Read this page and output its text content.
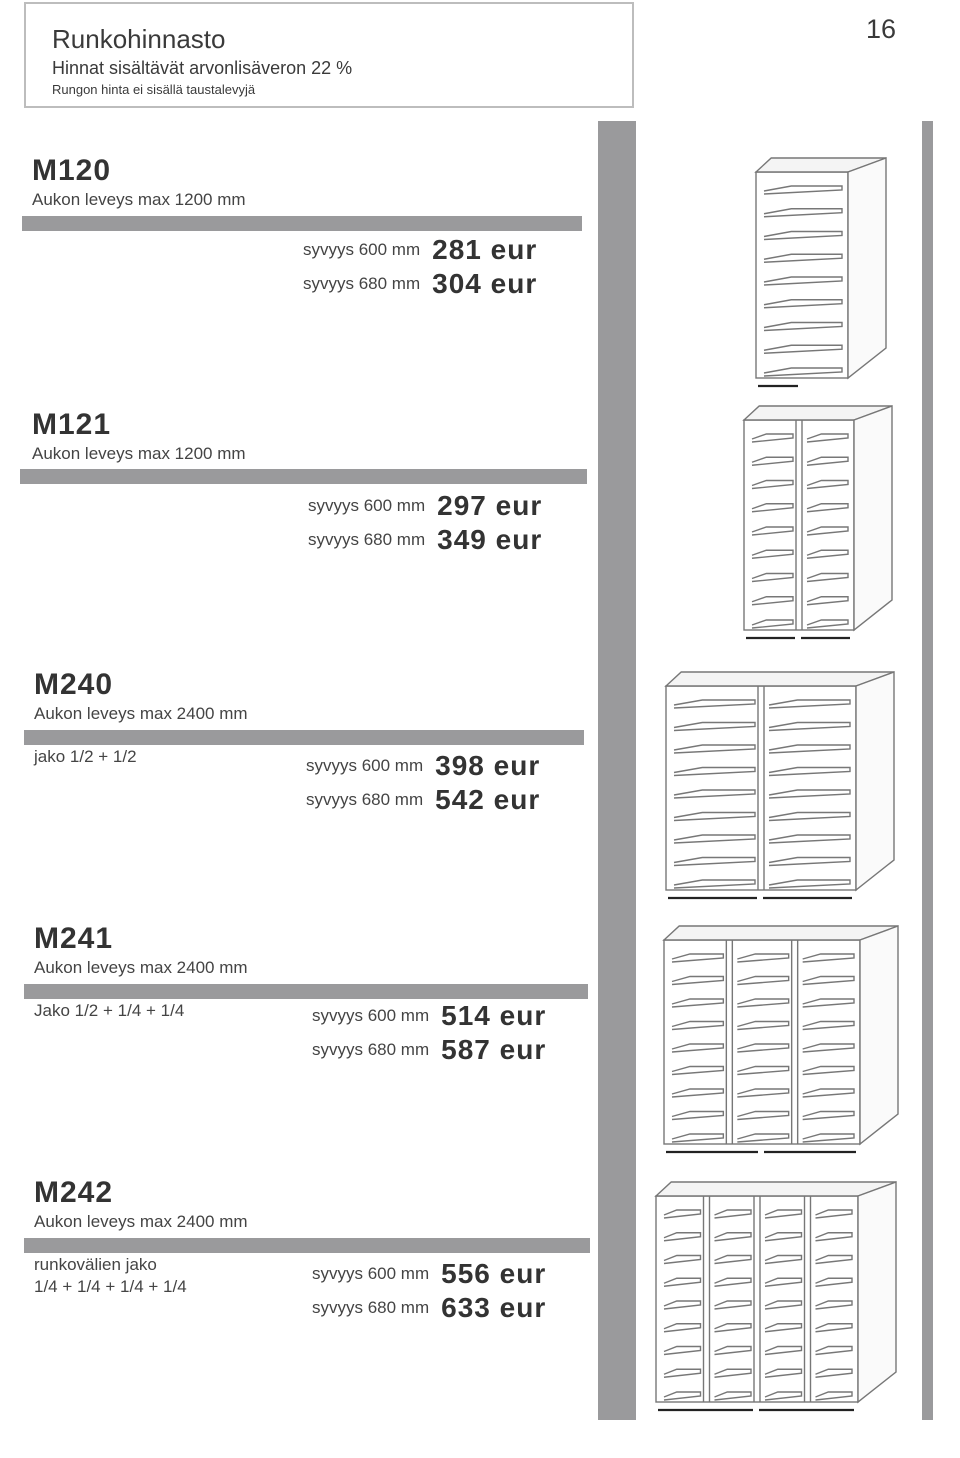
Runkohinnasto
Hinnat sisältävät arvonlisäveron 22 %
Rungon hinta ei sisällä taustalevyjä
16
M120
Aukon leveys max 1200 mm
syvyys 600 mm 281 eur
syvyys 680 mm 304 eur
M121
Aukon leveys max 1200 mm
syvyys 600 mm 297 eur
syvyys 680 mm 349 eur
M240
Aukon leveys max 2400 mm
jako 1/2 + 1/2	syvyys 600 mm 398 eur
syvyys 680 mm 542 eur
M241
Aukon leveys max 2400 mm
Jako 1/2 + 1/4 + 1/4	syvyys 600 mm 514 eur
syvyys 680 mm 587 eur
M242
Aukon leveys max 2400 mm
runkovälien jako
1/4 + 1/4 + 1/4 + 1/4
syvyys 600 mm 556 eur
syvyys 680 mm 633 eur
